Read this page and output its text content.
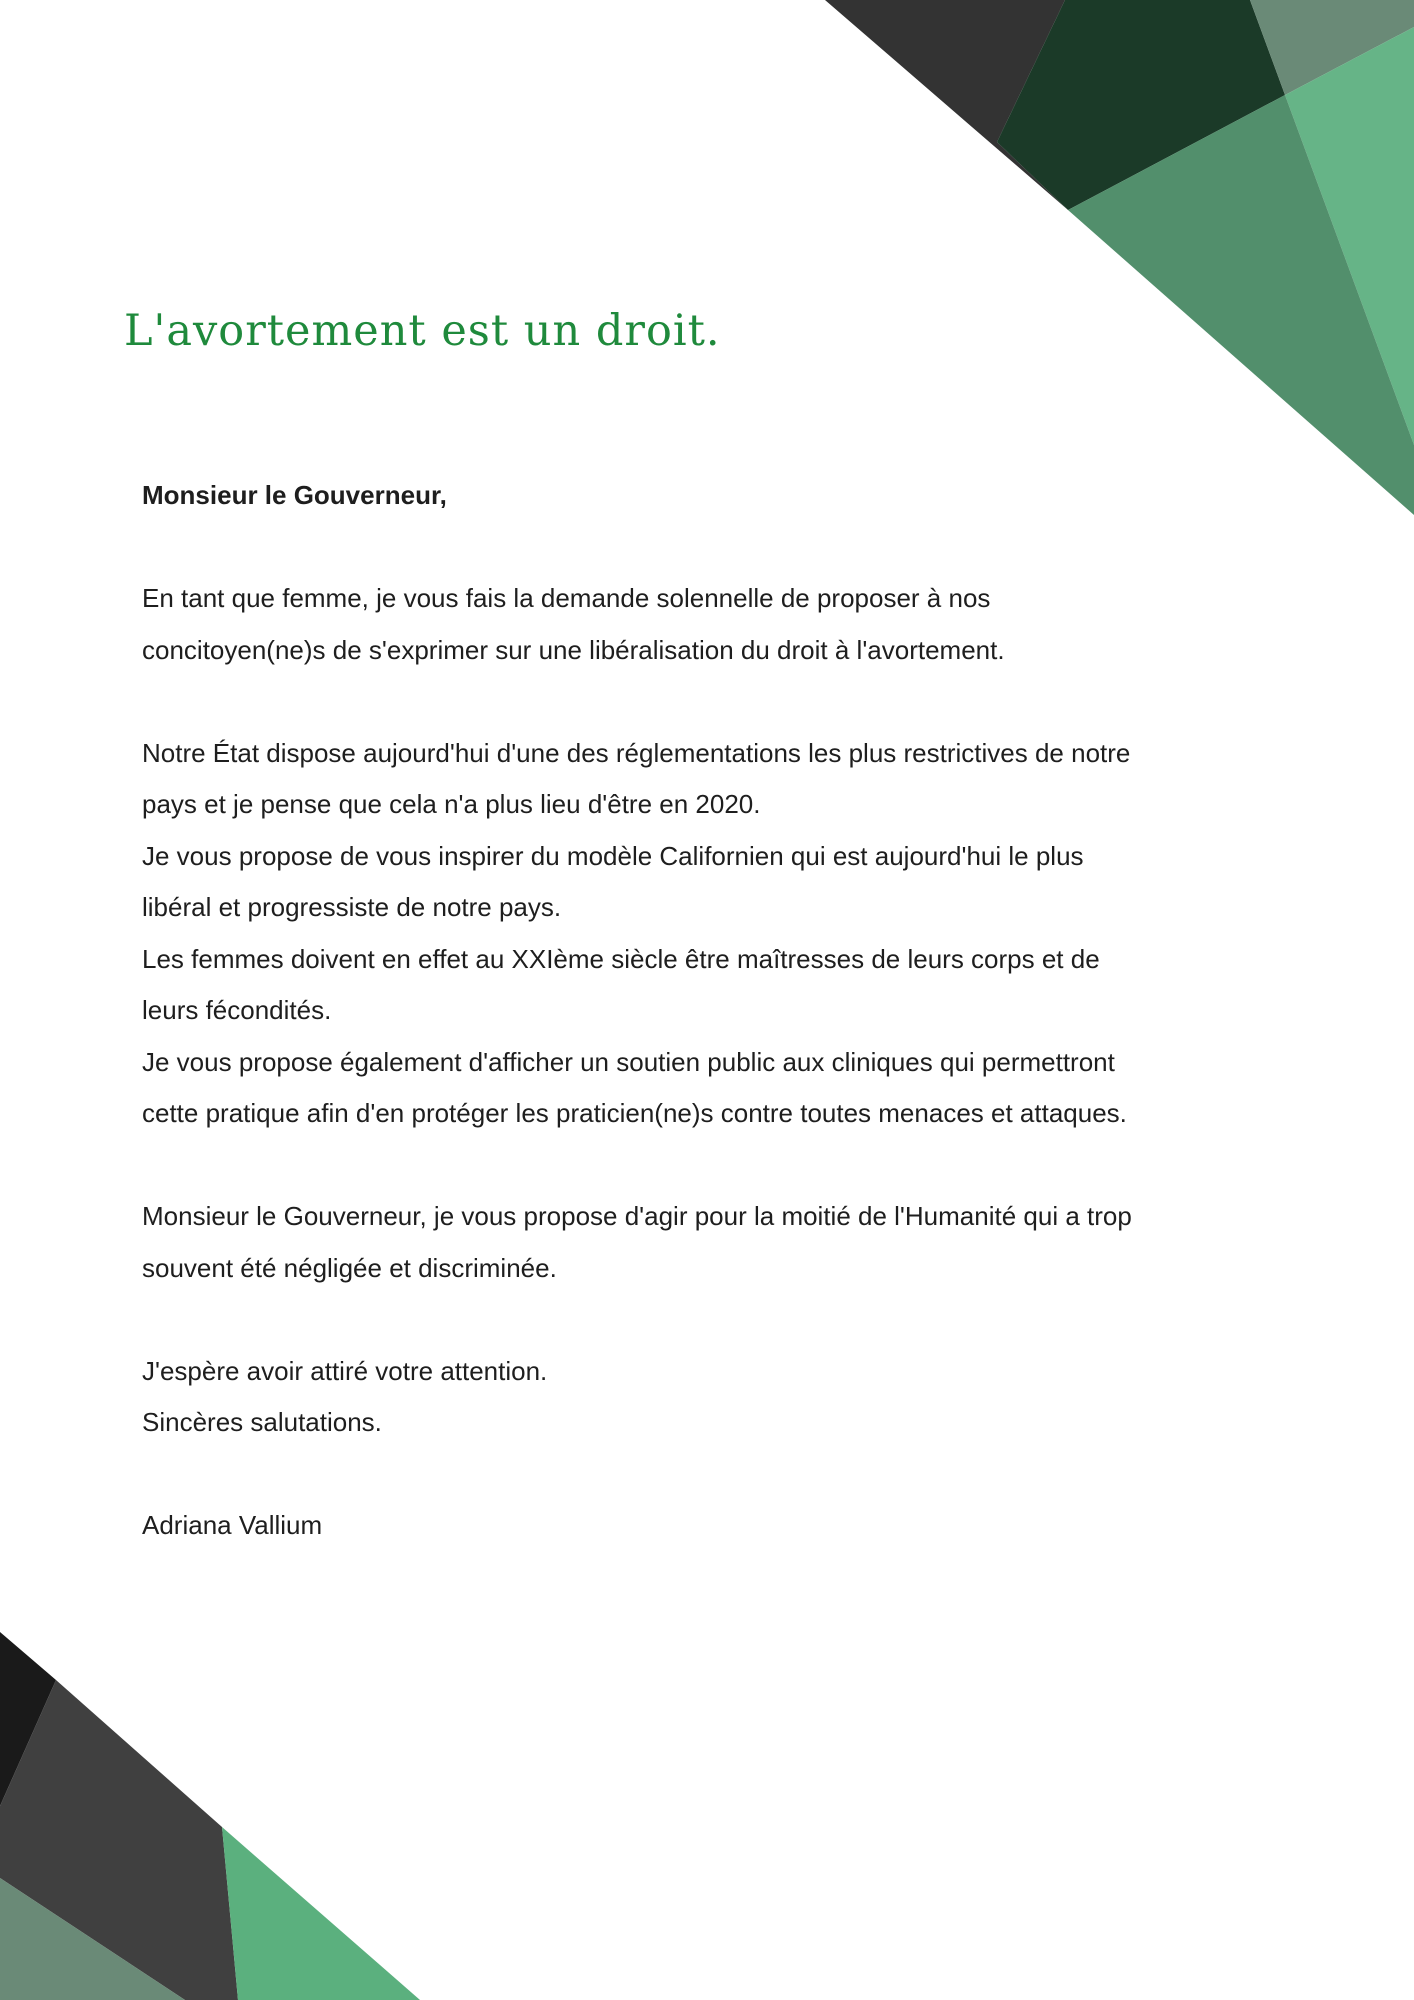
L'avortement est un droit.
Monsieur le Gouverneur,
En tant que femme, je vous fais la demande solennelle de proposer à nos
concitoyen(ne)s de s'exprimer sur une libéralisation du droit à l'avortement.
Notre État dispose aujourd'hui d'une des réglementations les plus restrictives de notre
pays et je pense que cela n'a plus lieu d'être en 2020.
Je vous propose de vous inspirer du modèle Californien qui est aujourd'hui le plus
libéral et progressiste de notre pays.
Les femmes doivent en effet au XXIème siècle être maîtresses de leurs corps et de
leurs fécondités.
Je vous propose également d'afficher un soutien public aux cliniques qui permettront
cette pratique afin d'en protéger les praticien(ne)s contre toutes menaces et attaques.
Monsieur le Gouverneur, je vous propose d'agir pour la moitié de l'Humanité qui a trop
souvent été négligée et discriminée.
J'espère avoir attiré votre attention.
Sincères salutations.
Adriana Vallium
